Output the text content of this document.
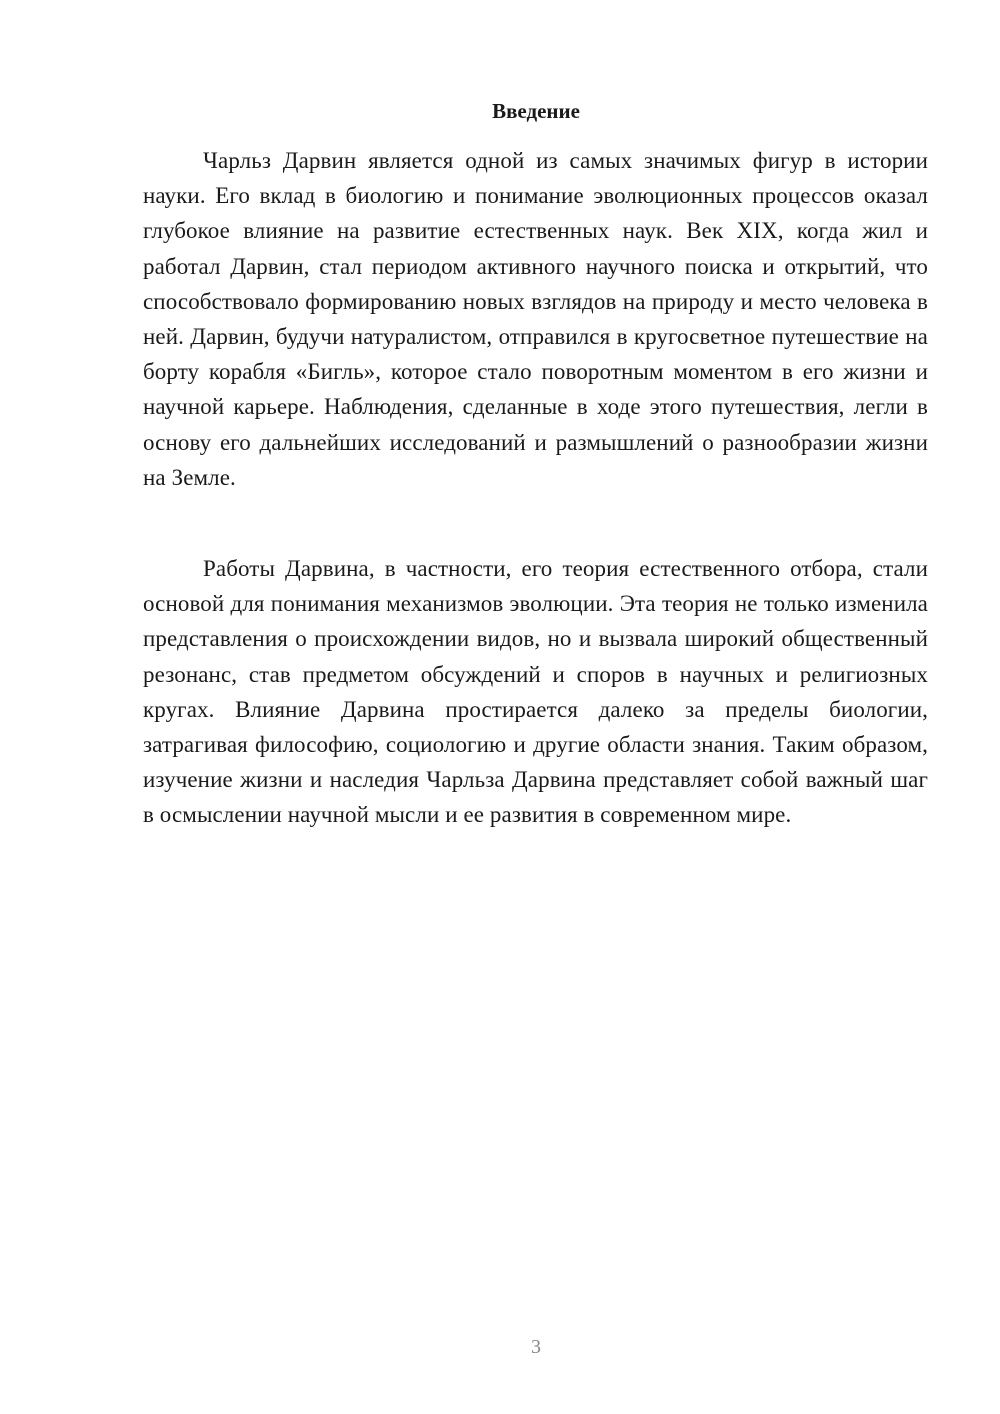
Введение
Чарльз Дарвин является одной из самых значимых фигур в истории науки. Его вклад в биологию и понимание эволюционных процессов оказал глубокое влияние на развитие естественных наук. Век XIX, когда жил и работал Дарвин, стал периодом активного научного поиска и открытий, что способствовало формированию новых взглядов на природу и место человека в ней. Дарвин, будучи натуралистом, отправился в кругосветное путешествие на борту корабля «Бигль», которое стало поворотным моментом в его жизни и научной карьере. Наблюдения, сделанные в ходе этого путешествия, легли в основу его дальнейших исследований и размышлений о разнообразии жизни на Земле.
Работы Дарвина, в частности, его теория естественного отбора, стали основой для понимания механизмов эволюции. Эта теория не только изменила представления о происхождении видов, но и вызвала широкий общественный резонанс, став предметом обсуждений и споров в научных и религиозных кругах. Влияние Дарвина простирается далеко за пределы биологии, затрагивая философию, социологию и другие области знания. Таким образом, изучение жизни и наследия Чарльза Дарвина представляет собой важный шаг в осмыслении научной мысли и ее развития в современном мире.
3
